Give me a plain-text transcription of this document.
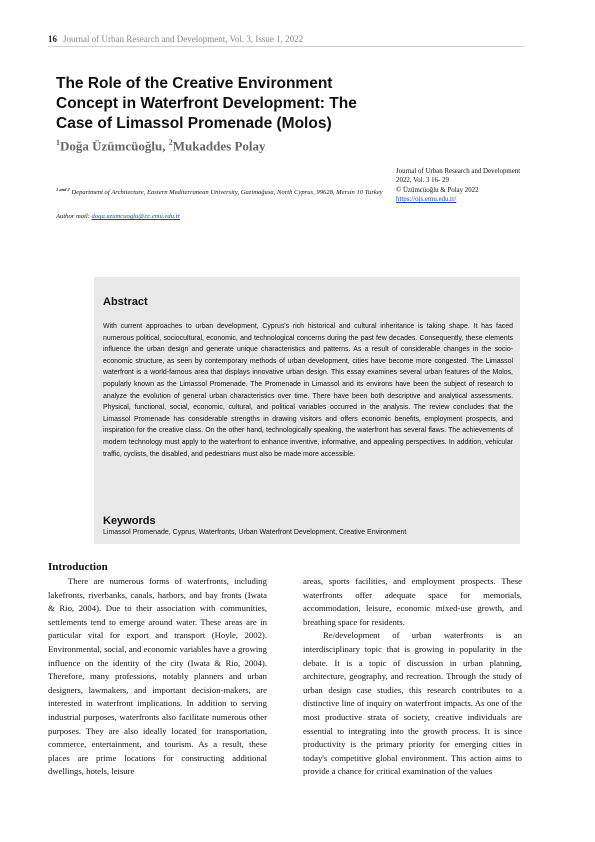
16 Journal of Urban Research and Development, Vol. 3, Issue 1, 2022
The Role of the Creative Environment Concept in Waterfront Development: The Case of Limassol Promenade (Molos)
$^1$Doğa Üzümcüoğlu, $^2$Mukaddes Polay
$^{1 and 2}$ Department of Architecture, Eastern Mediterranean University, Gazimağusa, North Cyprus, 99628, Mersin 10 Turkey
Author mail: doga.uzumcuoglu@cc.emu.edu.tr
Journal of Urban Research and Development
2022, Vol. 3 16- 29
© Üzümcüoğlu & Polay 2022
https://ojs.emu.edu.tr/
Abstract

With current approaches to urban development, Cyprus's rich historical and cultural inheritance is taking shape. It has faced numerous political, sociocultural, economic, and technological concerns during the past few decades. Consequently, these elements influence the urban design and generate unique characteristics and patterns. As a result of considerable changes in the socio-economic structure, as seen by contemporary methods of urban development, cities have become more congested. The Limassol waterfront is a world-famous area that displays innovative urban design. This essay examines several urban features of the Molos, popularly known as the Limassol Promenade. The Promenade in Limassol and its environs have been the subject of research to analyze the evolution of general urban characteristics over time. There have been both descriptive and analytical assessments. Physical, functional, social, economic, cultural, and political variables occurred in the analysis. The review concludes that the Limassol Promenade has considerable strengths in drawing visitors and offers economic benefits, employment prospects, and inspiration for the creative class. On the other hand, technologically speaking, the waterfront has several flaws. The achievements of modern technology must apply to the waterfront to enhance inventive, informative, and appealing perspectives. In addition, vehicular traffic, cyclists, the disabled, and pedestrians must also be made more accessible.

Keywords
Limassol Promenade, Cyprus, Waterfronts, Urban Waterfront Development, Creative Environment
Introduction

There are numerous forms of waterfronts, including lakefronts, riverbanks, canals, harbors, and bay fronts (Iwata & Rio, 2004). Due to their association with communities, settlements tend to emerge around water. These areas are in particular vital for export and transport (Hoyle, 2002). Environmental, social, and economic variables have a growing influence on the identity of the city (Iwata & Rio, 2004). Therefore, many professions, notably planners and urban designers, lawmakers, and important decision-makers, are interested in waterfront implications. In addition to serving industrial purposes, waterfronts also facilitate numerous other purposes. They are also ideally located for transportation, commerce, entertainment, and tourism. As a result, these places are prime locations for constructing additional dwellings, hotels, leisure

areas, sports facilities, and employment prospects. These waterfronts offer adequate space for memorials, accommodation, leisure, economic mixed-use growth, and breathing space for residents.

Re/development of urban waterfronts is an interdisciplinary topic that is growing in popularity in the debate. It is a topic of discussion in urban planning, architecture, geography, and recreation. Through the study of urban design case studies, this research contributes to a distinctive line of inquiry on waterfront impacts. As one of the most productive strata of society, creative individuals are essential to integrating into the growth process. It is since productivity is the primary priority for emerging cities in today's competitive global environment. This action aims to provide a chance for critical examination of the values
